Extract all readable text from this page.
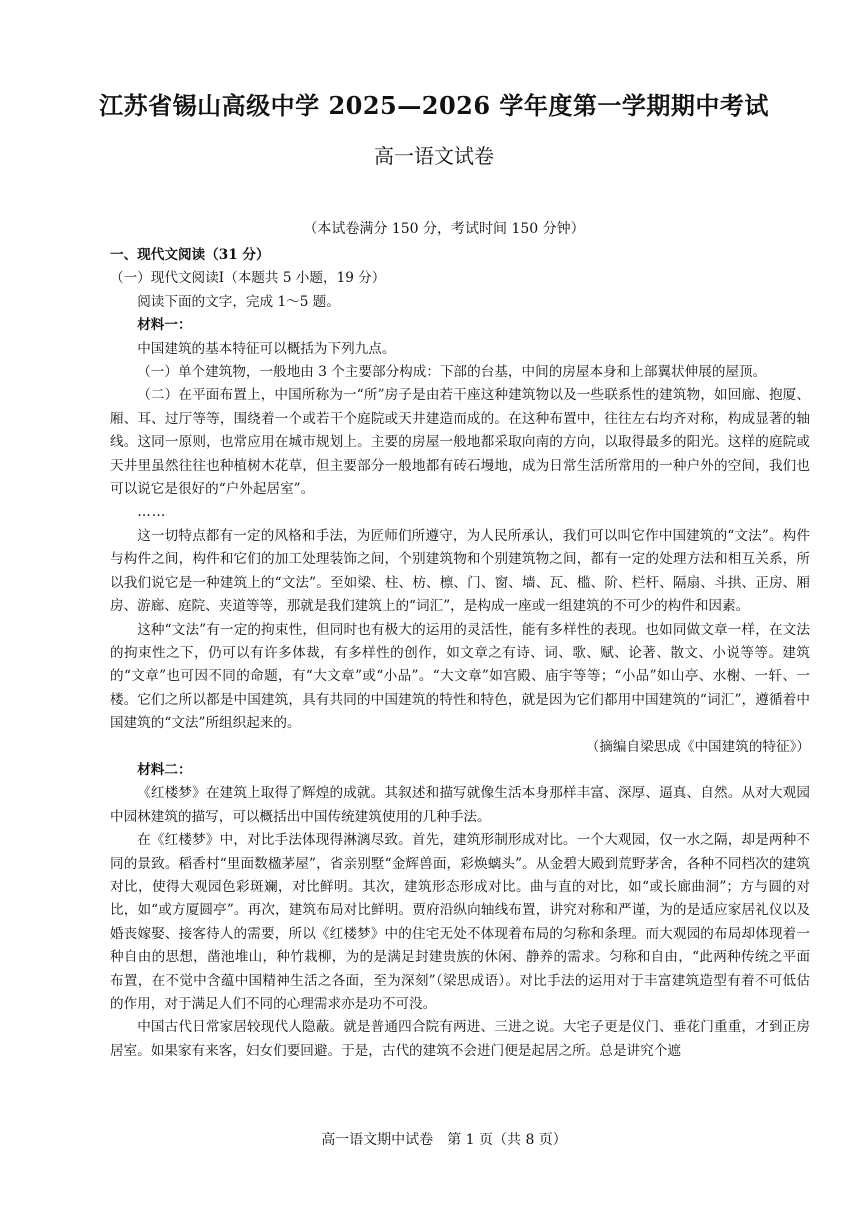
江苏省锡山高级中学 2025—2026 学年度第一学期期中考试
高一语文试卷
（本试卷满分 150 分，考试时间 150 分钟）

一、现代文阅读（31 分）

（一）现代文阅读Ⅰ（本题共 5 小题，19 分）

阅读下面的文字，完成 1～5 题。

材料一：

中国建筑的基本特征可以概括为下列九点。

（一）单个建筑物，一般地由 3 个主要部分构成：下部的台基，中间的房屋本身和上部翼状伸展的屋顶。

（二）在平面布置上，中国所称为一“所”房子是由若干座这种建筑物以及一些联系性的建筑物，如回廊、抱厦、厢、耳、过厅等等，围绕着一个或若干个庭院或天井建造而成的。在这种布置中，往往左右均齐对称，构成显著的轴线。这同一原则，也常应用在城市规划上。主要的房屋一般地都采取向南的方向，以取得最多的阳光。这样的庭院或天井里虽然往往也种植树木花草，但主要部分一般地都有砖石墁地，成为日常生活所常用的一种户外的空间，我们也可以说它是很好的“户外起居室”。

……

这一切特点都有一定的风格和手法，为匠师们所遵守，为人民所承认，我们可以叫它作中国建筑的“文法”。构件与构件之间，构件和它们的加工处理装饰之间，个别建筑物和个别建筑物之间，都有一定的处理方法和相互关系，所以我们说它是一种建筑上的“文法”。至如梁、柱、枋、檩、门、窗、墙、瓦、槛、阶、栏杆、隔扇、斗拱、正房、厢房、游廊、庭院、夹道等等，那就是我们建筑上的“词汇”，是构成一座或一组建筑的不可少的构件和因素。

这种“文法”有一定的拘束性，但同时也有极大的运用的灵活性，能有多样性的表现。也如同做文章一样，在文法的拘束性之下，仍可以有许多体裁，有多样性的创作，如文章之有诗、词、歌、赋、论著、散文、小说等等。建筑的“文章”也可因不同的命题，有“大文章”或“小品”。“大文章”如宫殿、庙宇等等；“小品”如山亭、水榭、一轩、一楼。它们之所以都是中国建筑，具有共同的中国建筑的特性和特色，就是因为它们都用中国建筑的“词汇”，遵循着中国建筑的“文法”所组织起来的。

（摘编自梁思成《中国建筑的特征》）

材料二：

《红楼梦》在建筑上取得了辉煌的成就。其叙述和描写就像生活本身那样丰富、深厚、逼真、自然。从对大观园中园林建筑的描写，可以概括出中国传统建筑使用的几种手法。

在《红楼梦》中，对比手法体现得淋漓尽致。首先，建筑形制形成对比。一个大观园，仅一水之隔，却是两种不同的景致。稻香村“里面数楹茅屋”，省亲别墅“金辉兽面，彩焕螭头”。从金碧大殿到荒野茅舍，各种不同档次的建筑对比，使得大观园色彩斑斓，对比鲜明。其次，建筑形态形成对比。曲与直的对比，如“或长廊曲洞”；方与圆的对比，如“或方厦圆亭”。再次，建筑布局对比鲜明。贾府沿纵向轴线布置，讲究对称和严谨，为的是适应家居礼仪以及婚丧嫁娶、接客待人的需要，所以《红楼梦》中的住宅无处不体现着布局的匀称和条理。而大观园的布局却体现着一种自由的思想，凿池堆山，种竹栽柳，为的是满足封建贵族的休闲、静养的需求。匀称和自由，“此两种传统之平面布置，在不觉中含蕴中国精神生活之各面，至为深刻”（梁思成语）。对比手法的运用对于丰富建筑造型有着不可低估的作用，对于满足人们不同的心理需求亦是功不可没。

中国古代日常家居较现代人隐蔽。就是普通四合院有两进、三进之说。大宅子更是仪门、垂花门重重，才到正房居室。如果家有来客，妇女们要回避。于是，古代的建筑不会进门便是起居之所。总是讲究个遮

高一语文期中试卷　第 1 页（共 8 页）
